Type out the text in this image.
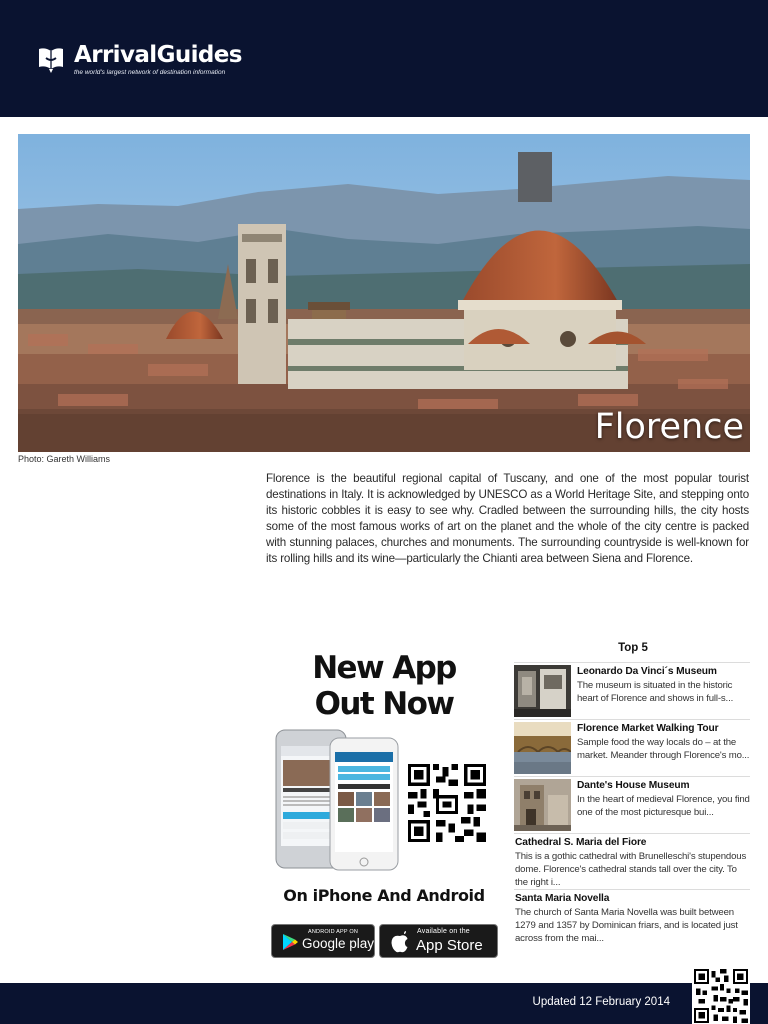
ArrivalGuides
the world's largest network of destination information
Florence
Photo: Gareth Williams

Florence is the beautiful regional capital of Tuscany, and one of the most popular tourist destinations in Italy. It is acknowledged by UNESCO as a World Heritage Site, and stepping onto its historic cobbles it is easy to see why. Cradled between the surrounding hills, the city hosts some of the most famous works of art on the planet and the whole of the city centre is packed with stunning palaces, churches and monuments. The surrounding countryside is well-known for its rolling hills and its wine—particularly the Chianti area between Siena and Florence.

New App
Out Now
On iPhone And Android
ANDROID APP ON
Google play
Available on the
App Store
Top 5
Leonardo Da Vinci´s Museum
The museum is situated in the historic heart of Florence and shows in full-s...
Florence Market Walking Tour
Sample food the way locals do – at the market. Meander through Florence's mo...
Dante's House Museum
In the heart of medieval Florence, you find one of the most picturesque bui...
Cathedral S. Maria del Fiore
This is a gothic cathedral with Brunelleschi's stupendous dome. Florence's cathedral stands tall over the city. To the right i...
Santa Maria Novella
The church of Santa Maria Novella was built between 1279 and 1357 by Dominican friars, and is located just across from the mai...
Updated 12 February 2014
